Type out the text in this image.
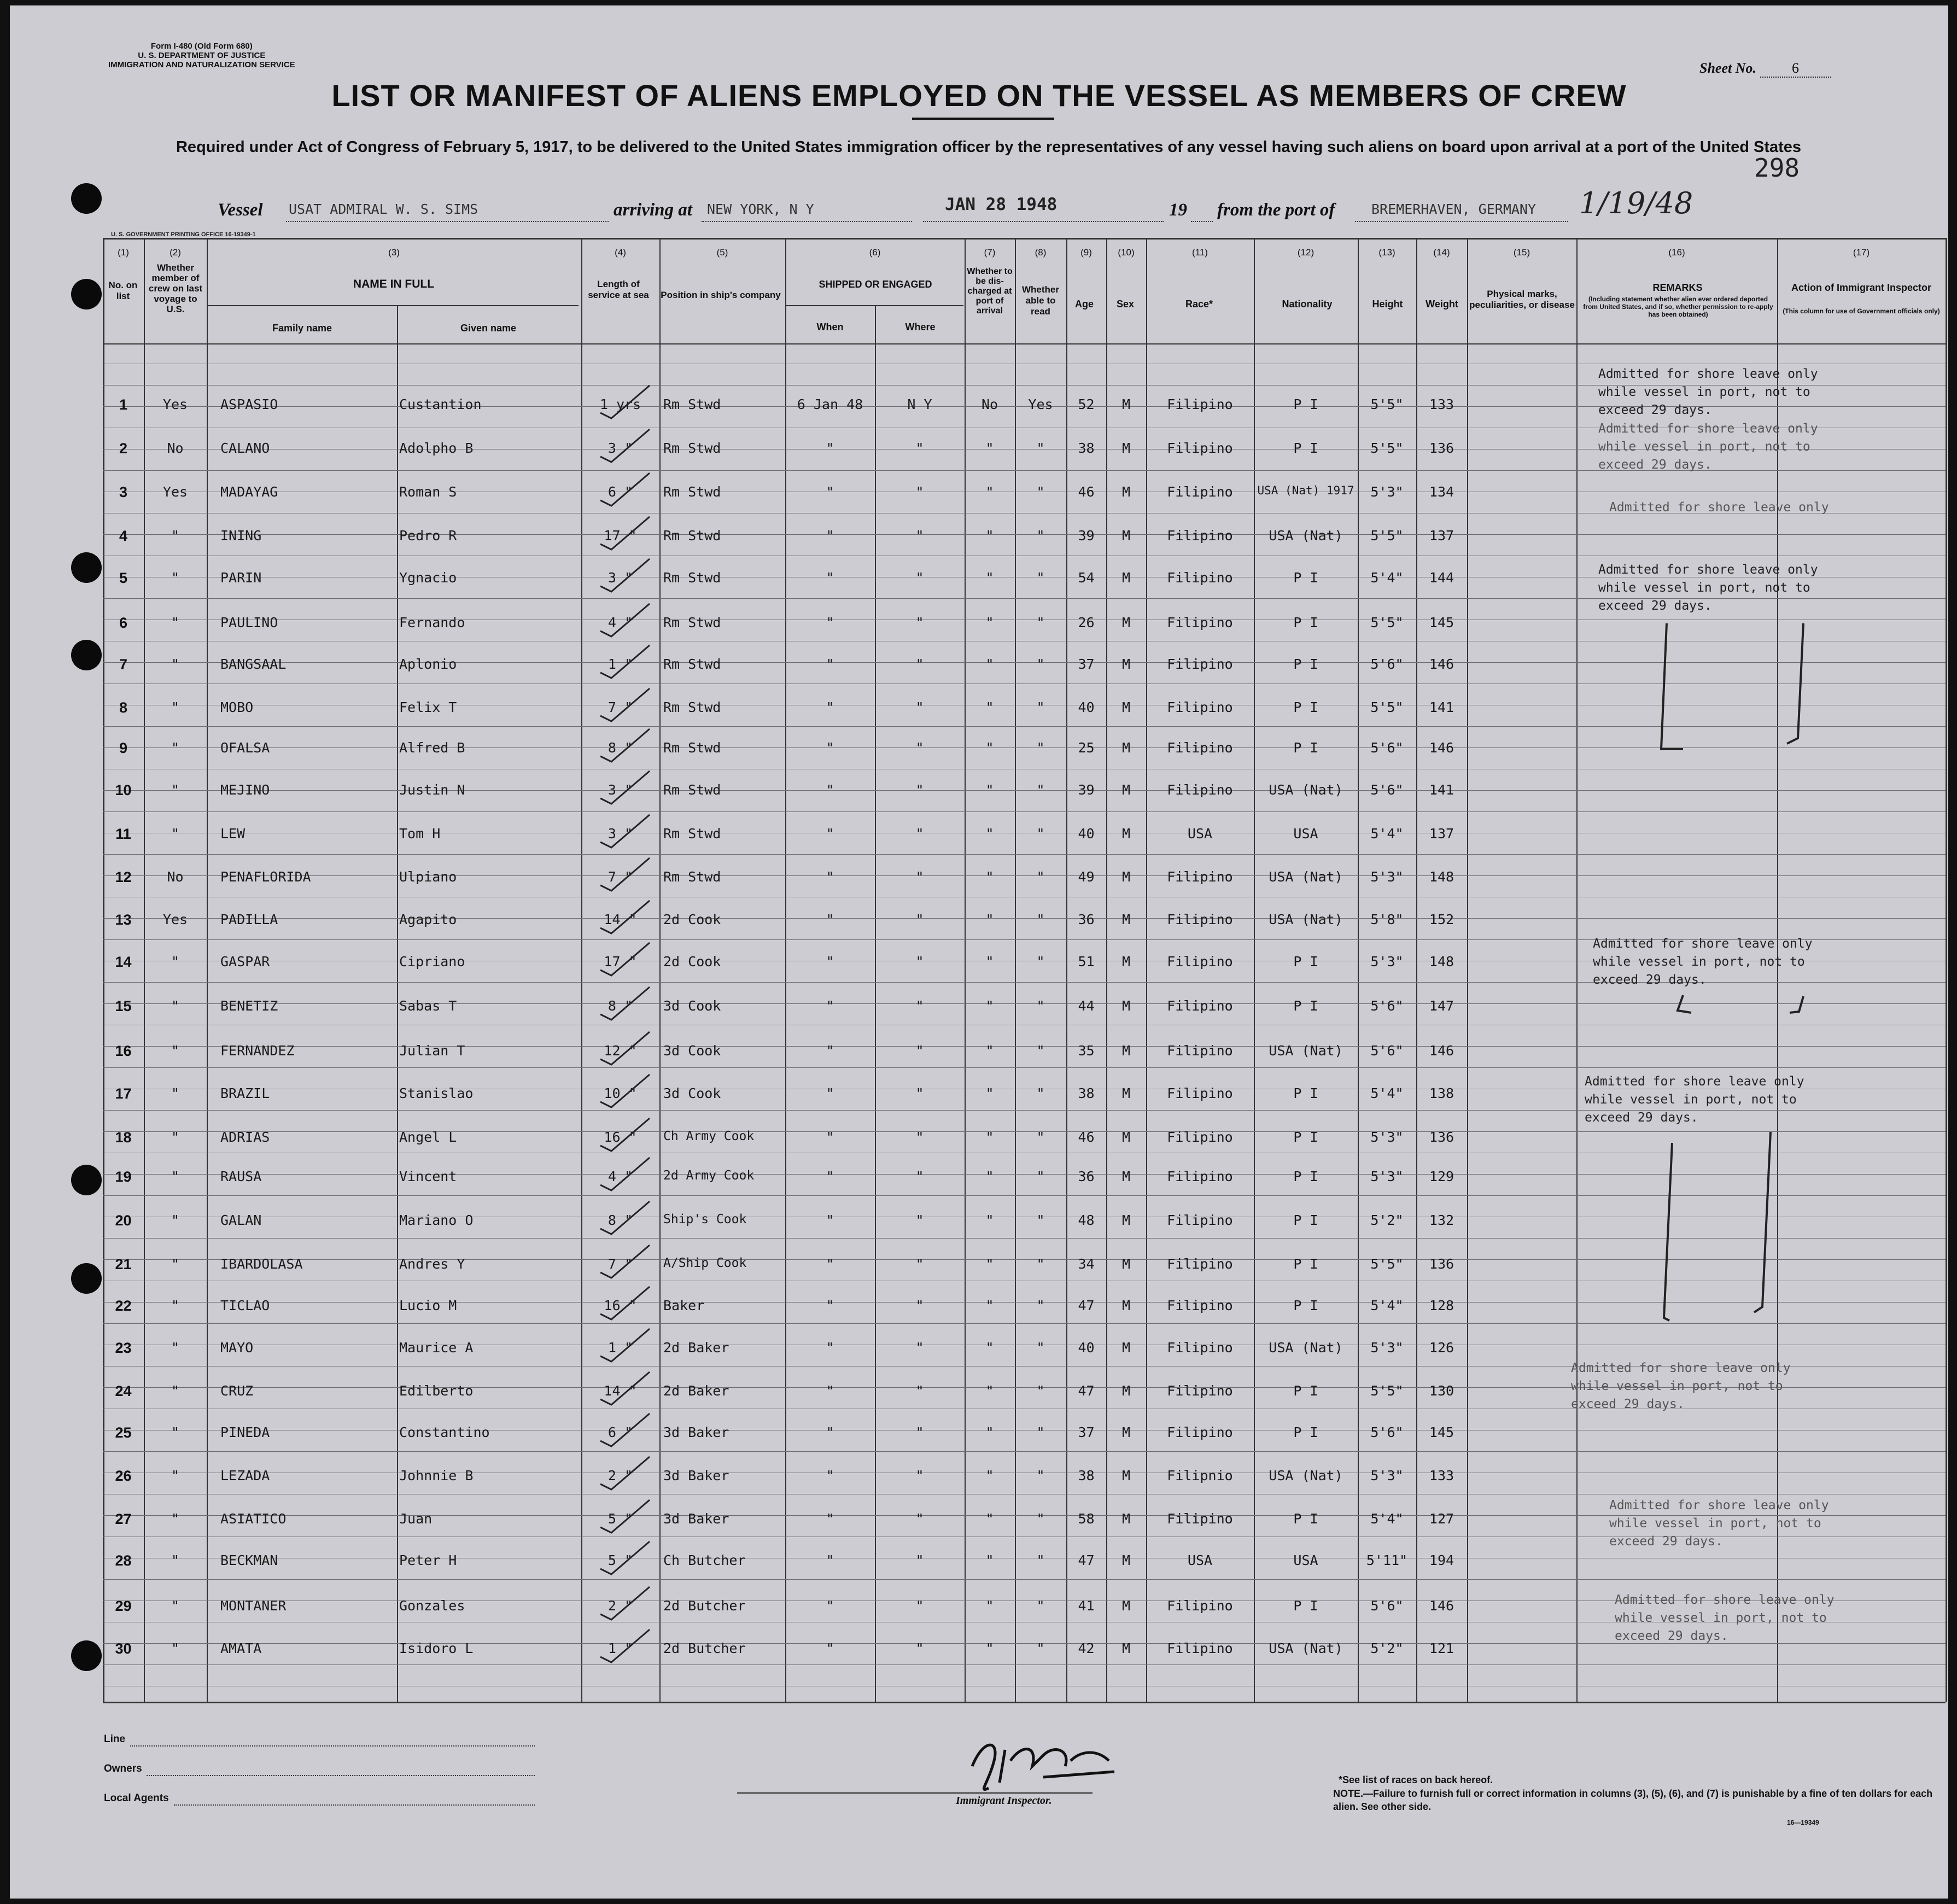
Form I-480 (Old Form 680)
U. S. DEPARTMENT OF JUSTICE
IMMIGRATION AND NATURALIZATION SERVICE	Sheet No.	6
LIST OR MANIFEST OF ALIENS EMPLOYED ON THE VESSEL AS MEMBERS OF CREW
Required under Act of Congress of February 5, 1917, to be delivered to the United States immigration officer by the representatives of any vessel having such aliens on board upon arrival at a port of the United States
298
Vessel USAT ADMIRAL W. S. SIMS	arriving at NEW YORK, N Y	JAN 28 1948	19 from the port of	BREMERHAVEN, GERMANY 1/19/48
U. S. GOVERNMENT PRINTING OFFICE 16-19349-1
(1)	(2)	(3)	(4)	(5)	(6)	(7)	(8)	(9)	(10)	(11)	(12)	(13)	(14)	(15)	(16)	(17)
No. on list
Whether member of crew on last voyage to U.S.
NAME IN FULL
Family name	Given name
Length of service at sea	Position in ship's company
SHIPPED OR ENGAGED
When	Where
Whether to be dis-charged at port of arrival
Whether able to read
Age	Sex	Race*	Nationality	Height	Weight
Physical marks, peculiarities, or disease
REMARKS
(Including statement whether alien ever ordered deported from United States, and if so, whether permission to re-apply has been obtained)
Action of Immigrant Inspector
(This column for use of Government officials only)
1	Yes	ASPASIO	Custantion	1 yrs	Rm Stwd	6 Jan 48	N Y	No	Yes	52	M	Filipino	P I	5'5"	133
2	No	CALANO	Adolpho B	3 "	Rm Stwd	"	"	"	"	38	M	Filipino	P I	5'5"	136
3	Yes	MADAYAG	Roman S	6 "	Rm Stwd	"	"	"	"	46	M	Filipino	USA (Nat) 1917	5'3"	134
4	"	INING	Pedro R	17 "	Rm Stwd	"	"	"	"	39	M	Filipino	USA (Nat)	5'5"	137
5	"	PARIN	Ygnacio	3 "	Rm Stwd	"	"	"	"	54	M	Filipino	P I	5'4"	144
6	"	PAULINO	Fernando	4 "	Rm Stwd	"	"	"	"	26	M	Filipino	P I	5'5"	145
7	"	BANGSAAL	Aplonio	1 "	Rm Stwd	"	"	"	"	37	M	Filipino	P I	5'6"	146
8	"	MOBO	Felix T	7 "	Rm Stwd	"	"	"	"	40	M	Filipino	P I	5'5"	141
9	"	OFALSA	Alfred B	8 "	Rm Stwd	"	"	"	"	25	M	Filipino	P I	5'6"	146
10	"	MEJINO	Justin N	3 "	Rm Stwd	"	"	"	"	39	M	Filipino	USA (Nat)	5'6"	141
11	"	LEW	Tom H	3 "	Rm Stwd	"	"	"	"	40	M	USA	USA	5'4"	137
12	No	PENAFLORIDA	Ulpiano	7 "	Rm Stwd	"	"	"	"	49	M	Filipino	USA (Nat)	5'3"	148
13	Yes	PADILLA	Agapito	14 "	2d Cook	"	"	"	"	36	M	Filipino	USA (Nat)	5'8"	152
14	"	GASPAR	Cipriano	17 "	2d Cook	"	"	"	"	51	M	Filipino	P I	5'3"	148
15	"	BENETIZ	Sabas T	8 "	3d Cook	"	"	"	"	44	M	Filipino	P I	5'6"	147
16	"	FERNANDEZ	Julian T	12 "	3d Cook	"	"	"	"	35	M	Filipino	USA (Nat)	5'6"	146
17	"	BRAZIL	Stanislao	10 "	3d Cook	"	"	"	"	38	M	Filipino	P I	5'4"	138
18	"	ADRIAS	Angel L	16 "	Ch Army Cook	"	"	"	"	46	M	Filipino	P I	5'3"	136
19	"	RAUSA	Vincent	4 "	2d Army Cook	"	"	"	"	36	M	Filipino	P I	5'3"	129
20	"	GALAN	Mariano O	8 "	Ship's Cook	"	"	"	"	48	M	Filipino	P I	5'2"	132
21	"	IBARDOLASA	Andres Y	7 "	A/Ship Cook	"	"	"	"	34	M	Filipino	P I	5'5"	136
22	"	TICLAO	Lucio M	16 "	Baker	"	"	"	"	47	M	Filipino	P I	5'4"	128
23	"	MAYO	Maurice A	1 "	2d Baker	"	"	"	"	40	M	Filipino	USA (Nat)	5'3"	126
24	"	CRUZ	Edilberto	14 "	2d Baker	"	"	"	"	47	M	Filipino	P I	5'5"	130
25	"	PINEDA	Constantino	6 "	3d Baker	"	"	"	"	37	M	Filipino	P I	5'6"	145
26	"	LEZADA	Johnnie B	2 "	3d Baker	"	"	"	"	38	M	Filipnio	USA (Nat)	5'3"	133
27	"	ASIATICO	Juan	5 "	3d Baker	"	"	"	"	58	M	Filipino	P I	5'4"	127
28	"	BECKMAN	Peter H	5 "	Ch Butcher	"	"	"	"	47	M	USA	USA	5'11"	194
29	"	MONTANER	Gonzales	2 "	2d Butcher	"	"	"	"	41	M	Filipino	P I	5'6"	146
30	"	AMATA	Isidoro L	1 "	2d Butcher	"	"	"	"	42	M	Filipino	USA (Nat)	5'2"	121
Admitted for shore leave only while vessel in port, not to exceed 29 days.
Admitted for shore leave only while vessel in port, not to exceed 29 days.
Admitted for shore leave only
Admitted for shore leave only while vessel in port, not to exceed 29 days.
Admitted for shore leave only while vessel in port, not to exceed 29 days.
Admitted for shore leave only while vessel in port, not to exceed 29 days.
Admitted for shore leave only while vessel in port, not to exceed 29 days.
Admitted for shore leave only while vessel in port, not to exceed 29 days.
Admitted for shore leave only while vessel in port, not to exceed 29 days.
Line
Owners
Local Agents	Immigrant Inspector.
*See list of races on back hereof.
NOTE.—Failure to furnish full or correct information in columns (3), (5), (6), and (7) is punishable by a fine of ten dollars for each alien. See other side.
16—19349
